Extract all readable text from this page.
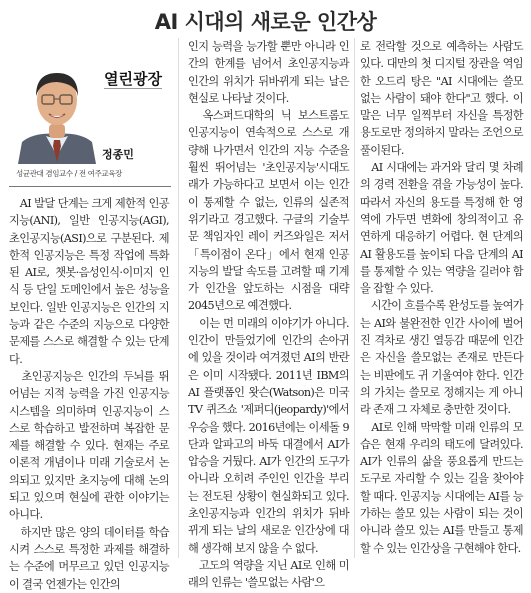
AI 시대의 새로운 인간상
열린광장
정종민
성균관대 겸임교수 / 전 여주교육장
　AI 발달 단계는 크게 제한적 인공지능(ANI), 일반 인공지능(AGI), 초인공지능(ASI)으로 구분된다. 제한적 인공지능은 특정 작업에 특화된 AI로, 챗봇·음성인식·이미지 인식 등 단일 도메인에서 높은 성능을 보인다. 일반 인공지능은 인간의 지능과 같은 수준의 지능으로 다양한 문제를 스스로 해결할 수 있는 단계다.
　초인공지능은 인간의 두뇌를 뛰어넘는 지적 능력을 가진 인공지능 시스템을 의미하며 인공지능이 스스로 학습하고 발전하며 복잡한 문제를 해결할 수 있다. 현재는 주로 이론적 개념이나 미래 기술로서 논의되고 있지만 초지능에 대해 논의되고 있으며 현실에 관한 이야기는 아니다.
　하지만 많은 양의 데이터를 학습시켜 스스로 특정한 과제를 해결하는 수준에 머무르고 있던 인공지능이 결국 언젠가는 인간의
인지 능력을 능가할 뿐만 아니라 인간의 한계를 넘어서 초인공지능과 인간의 위치가 뒤바뀌게 되는 날은 현실로 나타날 것이다.
　옥스퍼드대학의 닉 보스트롬도 인공지능이 연속적으로 스스로 개량해 나가면서 인간의 지능 수준을 훨씬 뛰어넘는 '초인공지능'시대도래가 가능하다고 보면서 이는 인간이 통제할 수 없는, 인류의 실존적 위기라고 경고했다. 구글의 기술부문 책임자인 레이 커즈와일은 저서 「특이점이 온다」에서 현재 인공지능의 발달 속도를 고려할 때 기계가 인간을 앞도하는 시점을 대략 2045년으로 예견했다.
　이는 먼 미래의 이야기가 아니다. 인간이 만들었기에 인간의 손아귀에 있을 것이라 여겨졌던 AI의 반란은 이미 시작됐다. 2011년 IBM의 AI 플랫폼인 왓슨(Watson)은 미국 TV 퀴즈쇼 '제퍼디(jeopardy)'에서 우승을 했다. 2016년에는 이세돌 9단과 알파고의 바둑 대결에서 AI가 압승을 거뒀다. AI가 인간의 도구가 아니라 오히려 주인인 인간을 부리는 전도된 상황이 현실화되고 있다. 초인공지능과 인간의 위치가 뒤바뀌게 되는 날의 새로운 인간상에 대해 생각해 보지 않을 수 없다.
　고도의 역량을 지닌 AI로 인해 미래의 인류는 '쓸모없는 사람'으
로 전락할 것으로 예측하는 사람도 있다. 대만의 첫 디지털 장관을 역임한 오드리 탕은 "AI 시대에는 쓸모없는 사람이 돼야 한다"고 했다. 이 말은 너무 일찍부터 자신을 특정한 용도로만 정의하지 말라는 조언으로 풀이된다.
　AI 시대에는 과거와 달리 몇 차례의 경력 전환을 겪을 가능성이 높다. 따라서 자신의 용도를 특정해 한 영역에 가두면 변화에 창의적이고 유연하게 대응하기 어렵다. 현 단계의 AI 활용도를 높이되 다음 단계의 AI를 통제할 수 있는 역량을 길러야 함을 잡할 수 있다.
　시간이 흐를수록 완성도를 높여가는 AI와 불완전한 인간 사이에 벌어진 격차로 생긴 열등감 때문에 인간은 자신을 쓸모없는 존재로 만든다는 비판에도 귀 기울여야 한다. 인간의 가치는 쓸모로 정해지는 게 아니라 존재 그 자체로 충만한 것이다.
　AI로 인해 막막할 미래 인류의 모습은 현재 우리의 태도에 달려있다. AI가 인류의 삶을 풍요롭게 만드는 도구로 자리할 수 있는 길을 찾아야 할 때다. 인공지능 시대에는 AI를 능가하는 쓸모 있는 사람이 되는 것이 아니라 쓸모 있는 AI를 만들고 통제할 수 있는 인간상을 구현해야 한다.
